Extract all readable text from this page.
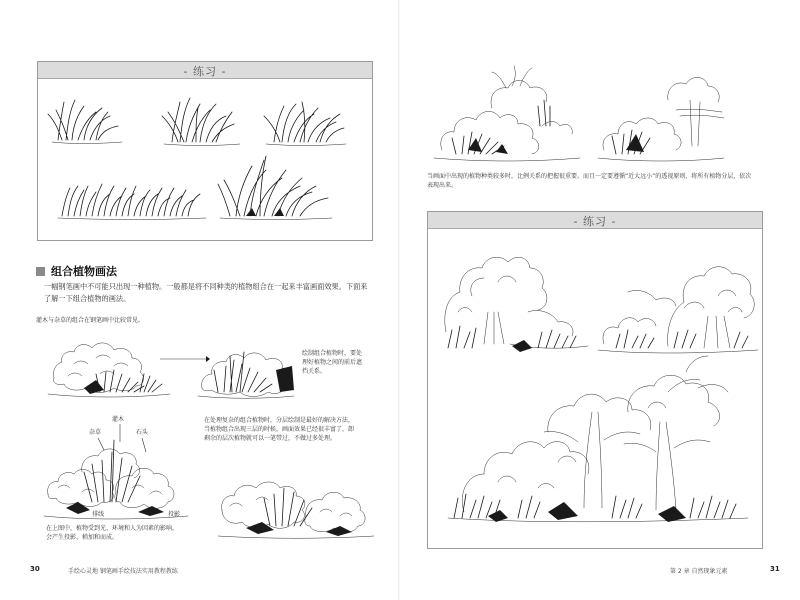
- 练习 -
组合植物画法
一幅钢笔画中不可能只出现一种植物。一般都是将不同种类的植物组合在一起来丰富画面效果。下面来
了解一下组合植物的画法。
灌木与杂草的组合在钢笔画中比较常见。
绘制组合植物时，要处
理好植物之间的前后遮
挡关系。
灌木
杂草	石头
排线	投影
在处理复杂的组合植物时，分层绘制是最好的解决方法，
当植物组合出现三层的时候，画面效果已经很丰富了，卸
剩余的层次植物就可以一笔带过，不做过多处理。
在上图中，植物受到光、环境和人为因素的影响，
会产生投影、稍加和而成。
30	手绘心灵地 钢笔画手绘技法实用教程教练
当画面中出现的植物种类较多时，比例关系的把握很重要。而且一定要遵循“近大远小”的透视原则，将所有植物分层，依次
表现出来。
- 练习 -
第 2 章 自然现象元素	31
